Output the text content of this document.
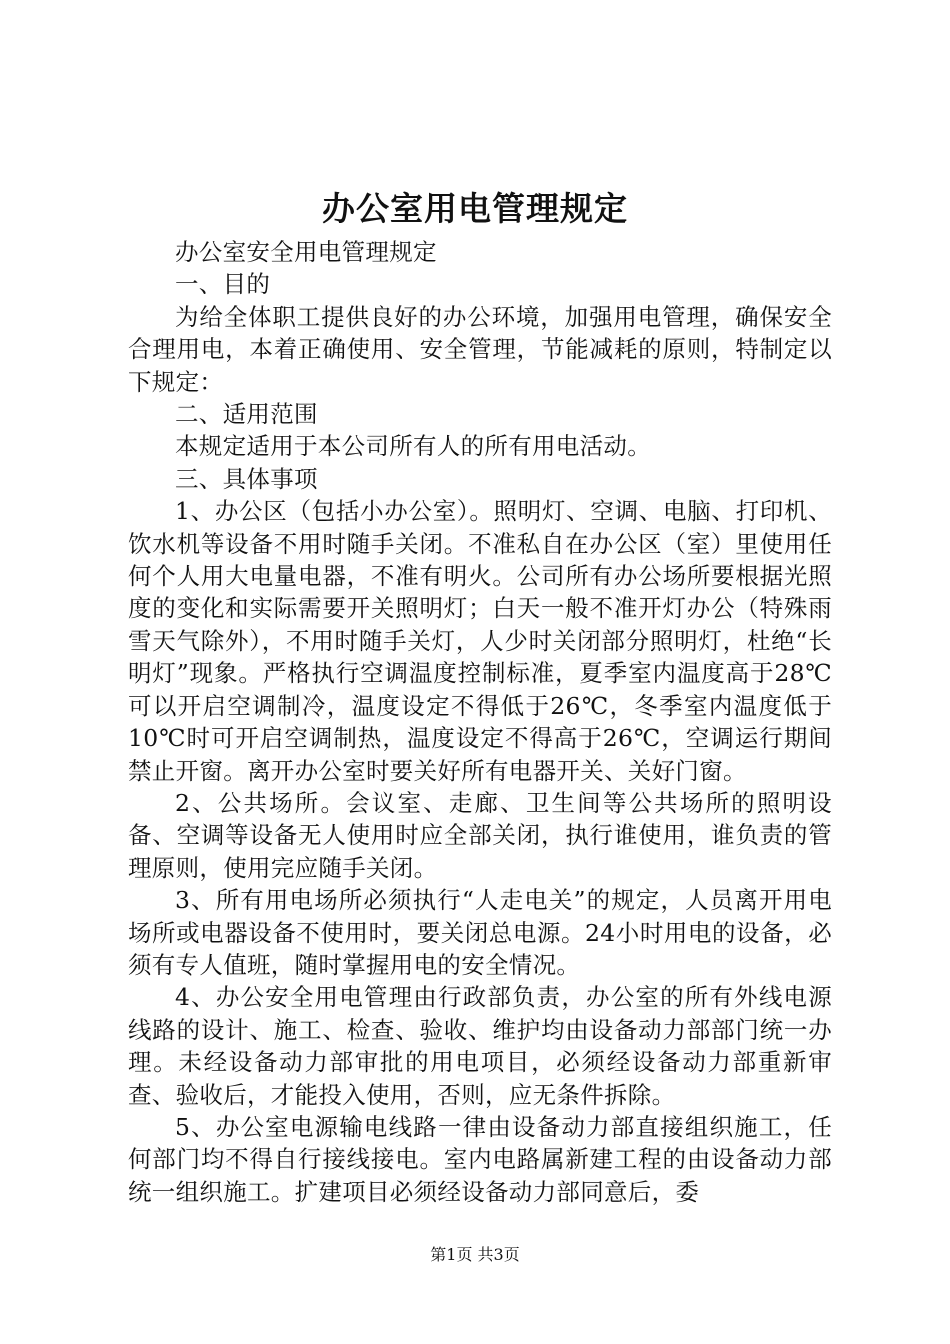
办公室用电管理规定

办公室安全用电管理规定

一、目的

为给全体职工提供良好的办公环境，加强用电管理，确保安全合理用电，本着正确使用、安全管理，节能减耗的原则，特制定以下规定：

二、适用范围

本规定适用于本公司所有人的所有用电活动。

三、具体事项

1、办公区（包括小办公室）。照明灯、空调、电脑、打印机、饮水机等设备不用时随手关闭。不准私自在办公区（室）里使用任何个人用大电量电器，不准有明火。公司所有办公场所要根据光照度的变化和实际需要开关照明灯；白天一般不准开灯办公（特殊雨雪天气除外），不用时随手关灯，人少时关闭部分照明灯，杜绝“长明灯”现象。严格执行空调温度控制标准，夏季室内温度高于28℃可以开启空调制冷，温度设定不得低于26℃，冬季室内温度低于10℃时可开启空调制热，温度设定不得高于26℃，空调运行期间禁止开窗。离开办公室时要关好所有电器开关、关好门窗。

2、公共场所。会议室、走廊、卫生间等公共场所的照明设备、空调等设备无人使用时应全部关闭，执行谁使用，谁负责的管理原则，使用完应随手关闭。

3、所有用电场所必须执行“人走电关”的规定，人员离开用电场所或电器设备不使用时，要关闭总电源。24小时用电的设备，必须有专人值班，随时掌握用电的安全情况。

4、办公安全用电管理由行政部负责，办公室的所有外线电源线路的设计、施工、检查、验收、维护均由设备动力部部门统一办理。未经设备动力部审批的用电项目，必须经设备动力部重新审查、验收后，才能投入使用，否则，应无条件拆除。

5、办公室电源输电线路一律由设备动力部直接组织施工，任何部门均不得自行接线接电。室内电路属新建工程的由设备动力部统一组织施工。扩建项目必须经设备动力部同意后，委

第1页 共3页
